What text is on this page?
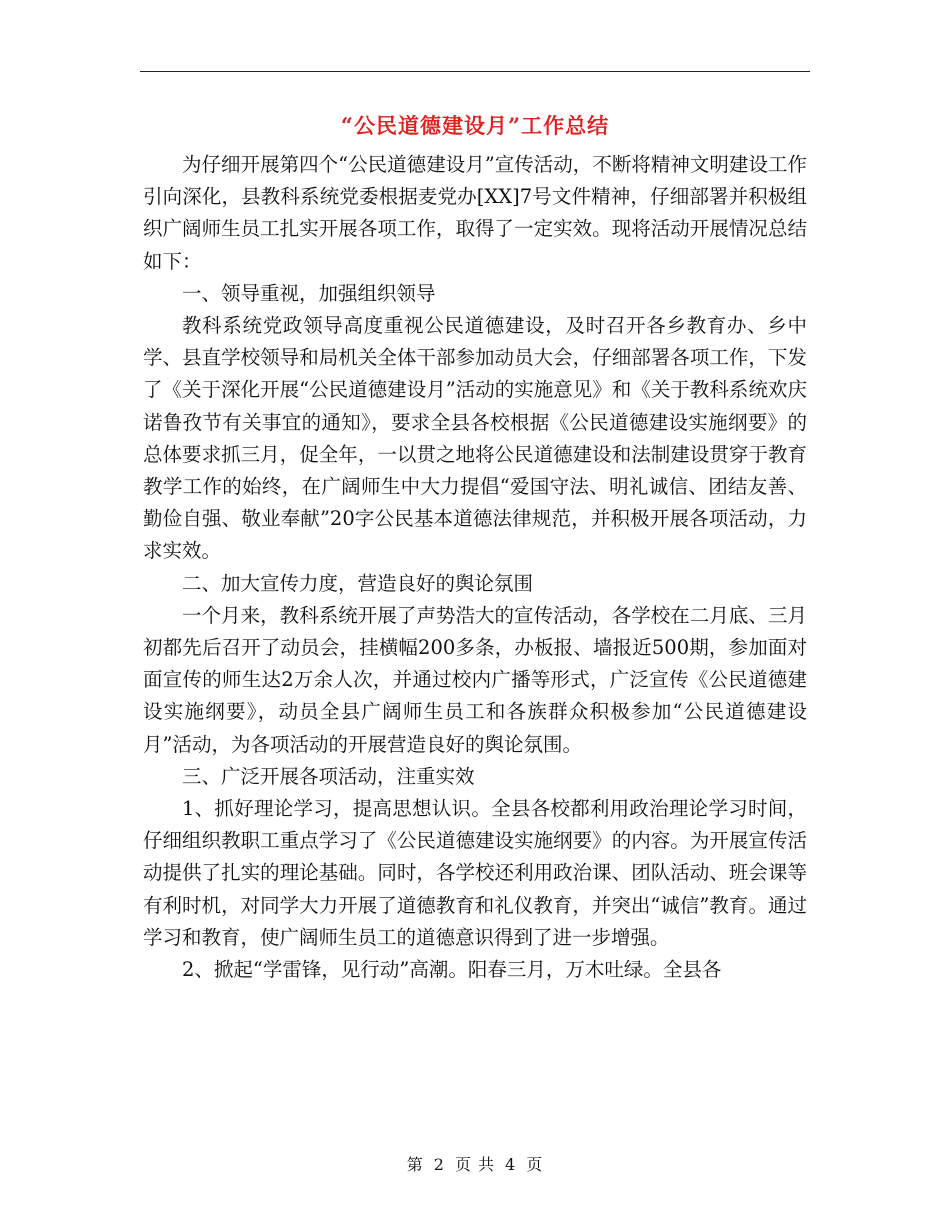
“公民道德建设月”工作总结

为仔细开展第四个“公民道德建设月”宣传活动，不断将精神文明建设工作引向深化，县教科系统党委根据麦党办[XX]7号文件精神，仔细部署并积极组织广阔师生员工扎实开展各项工作，取得了一定实效。现将活动开展情况总结如下：

一、领导重视，加强组织领导

教科系统党政领导高度重视公民道德建设，及时召开各乡教育办、乡中学、县直学校领导和局机关全体干部参加动员大会，仔细部署各项工作，下发了《关于深化开展“公民道德建设月”活动的实施意见》和《关于教科系统欢庆诺鲁孜节有关事宜的通知》，要求全县各校根据《公民道德建设实施纲要》的总体要求抓三月，促全年，一以贯之地将公民道德建设和法制建设贯穿于教育教学工作的始终，在广阔师生中大力提倡“爱国守法、明礼诚信、团结友善、勤俭自强、敬业奉献”20字公民基本道德法律规范，并积极开展各项活动，力求实效。

二、加大宣传力度，营造良好的舆论氛围

一个月来，教科系统开展了声势浩大的宣传活动，各学校在二月底、三月初都先后召开了动员会，挂横幅200多条，办板报、墙报近500期，参加面对面宣传的师生达2万余人次，并通过校内广播等形式，广泛宣传《公民道德建设实施纲要》，动员全县广阔师生员工和各族群众积极参加“公民道德建设月”活动，为各项活动的开展营造良好的舆论氛围。

三、广泛开展各项活动，注重实效

1、抓好理论学习，提高思想认识。全县各校都利用政治理论学习时间，仔细组织教职工重点学习了《公民道德建设实施纲要》的内容。为开展宣传活动提供了扎实的理论基础。同时，各学校还利用政治课、团队活动、班会课等有利时机，对同学大力开展了道德教育和礼仪教育，并突出“诚信”教育。通过学习和教育，使广阔师生员工的道德意识得到了进一步增强。

2、掀起“学雷锋，见行动”高潮。阳春三月，万木吐绿。全县各

第 2 页 共 4 页
